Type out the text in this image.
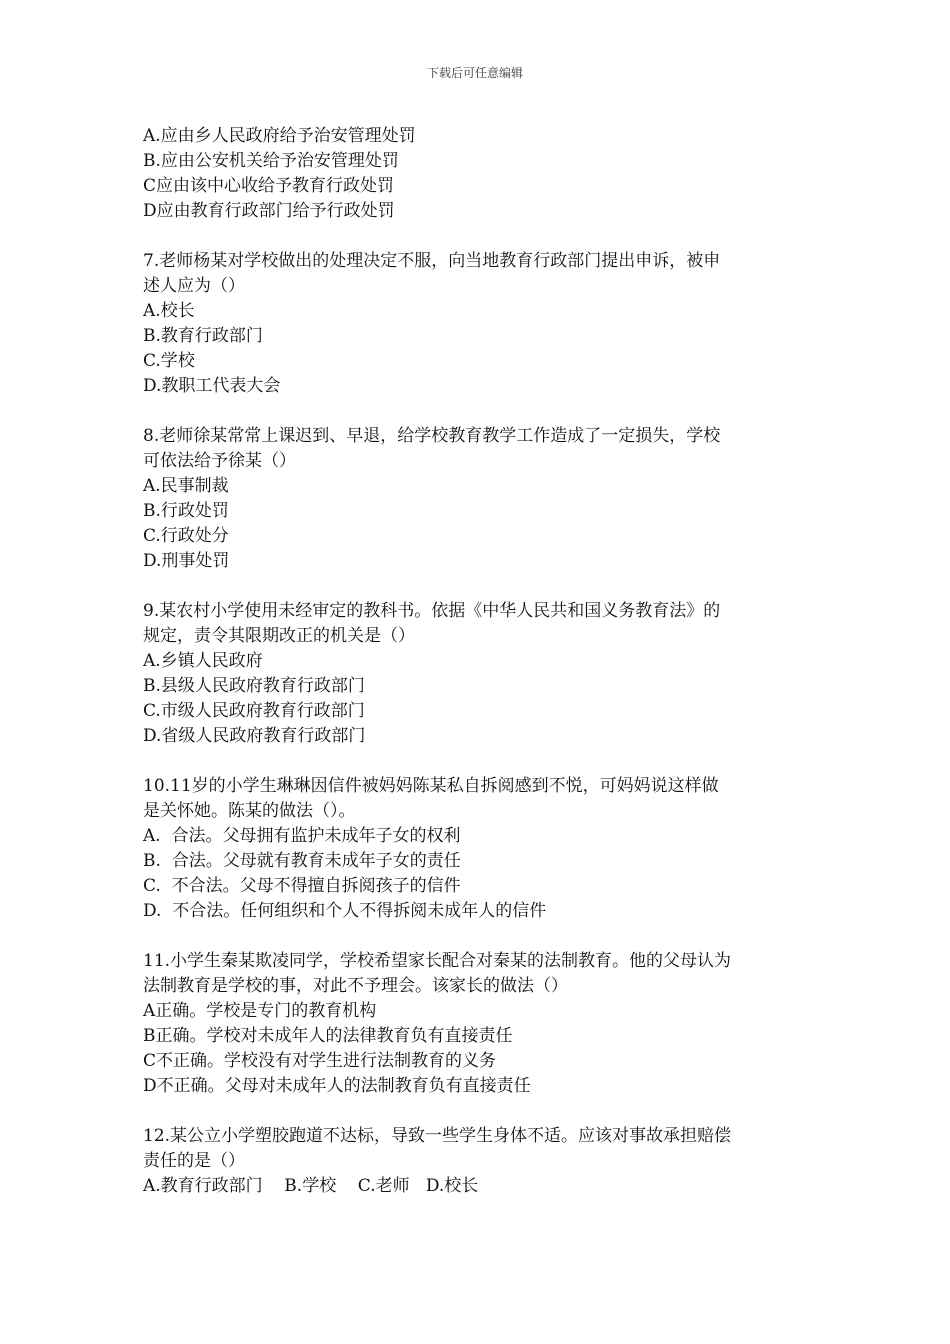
下载后可任意编辑
A.应由乡人民政府给予治安管理处罚
B.应由公安机关给予治安管理处罚
C应由该中心收给予教育行政处罚
D应由教育行政部门给予行政处罚
7.老师杨某对学校做出的处理决定不服，向当地教育行政部门提出申诉，被申
述人应为（）
A.校长
B.教育行政部门
C.学校
D.教职工代表大会
8.老师徐某常常上课迟到、早退，给学校教育教学工作造成了一定损失，学校
可依法给予徐某（）
A.民事制裁
B.行政处罚
C.行政处分
D.刑事处罚
9.某农村小学使用未经审定的教科书。依据《中华人民共和国义务教育法》的
规定，责令其限期改正的机关是（）
A.乡镇人民政府
B.县级人民政府教育行政部门
C.市级人民政府教育行政部门
D.省级人民政府教育行政部门
10.11岁的小学生琳琳因信件被妈妈陈某私自拆阅感到不悦，可妈妈说这样做
是关怀她。陈某的做法（）。
A.  合法。父母拥有监护未成年子女的权利
B.  合法。父母就有教育未成年子女的责任
C.  不合法。父母不得擅自拆阅孩子的信件
D.  不合法。任何组织和个人不得拆阅未成年人的信件
11.小学生秦某欺凌同学，学校希望家长配合对秦某的法制教育。他的父母认为
法制教育是学校的事，对此不予理会。该家长的做法（）
A正确。学校是专门的教育机构
B正确。学校对未成年人的法律教育负有直接责任
C不正确。学校没有对学生进行法制教育的义务
D不正确。父母对未成年人的法制教育负有直接责任
12.某公立小学塑胶跑道不达标，导致一些学生身体不适。应该对事故承担赔偿
责任的是（）
A.教育行政部门    B.学校    C.老师   D.校长
